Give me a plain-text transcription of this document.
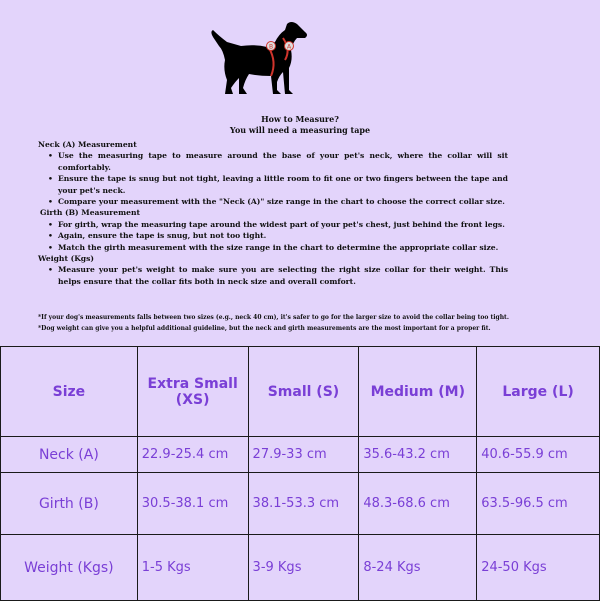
A
B
How to Measure?
You will need a measuring tape
Neck (A) Measurement
• Use the measuring tape to measure around the base of your pet's neck, where the collar will sit comfortably.
• Ensure the tape is snug but not tight, leaving a little room to fit one or two fingers between the tape and your pet's neck.
• Compare your measurement with the "Neck (A)" size range in the chart to choose the correct collar size.
Girth (B) Measurement
• For girth, wrap the measuring tape around the widest part of your pet's chest, just behind the front legs.
• Again, ensure the tape is snug, but not too tight.
• Match the girth measurement with the size range in the chart to determine the appropriate collar size.
Weight (Kgs)
• Measure your pet's weight to make sure you are selecting the right size collar for their weight. This helps ensure that the collar fits both in neck size and overall comfort.
*If your dog's measurements falls between two sizes (e.g., neck 40 cm), it's safer to go for the larger size to avoid the collar being too tight.
*Dog weight can give you a helpful additional guideline, but the neck and girth measurements are the most important for a proper fit.
Size	Extra Small (XS)	Small (S)	Medium (M)	Large (L)
Neck (A)	22.9-25.4 cm	27.9-33 cm	35.6-43.2 cm	40.6-55.9 cm
Girth (B)	30.5-38.1 cm	38.1-53.3 cm	48.3-68.6 cm	63.5-96.5 cm
Weight (Kgs)	1-5 Kgs	3-9 Kgs	8-24 Kgs	24-50 Kgs
